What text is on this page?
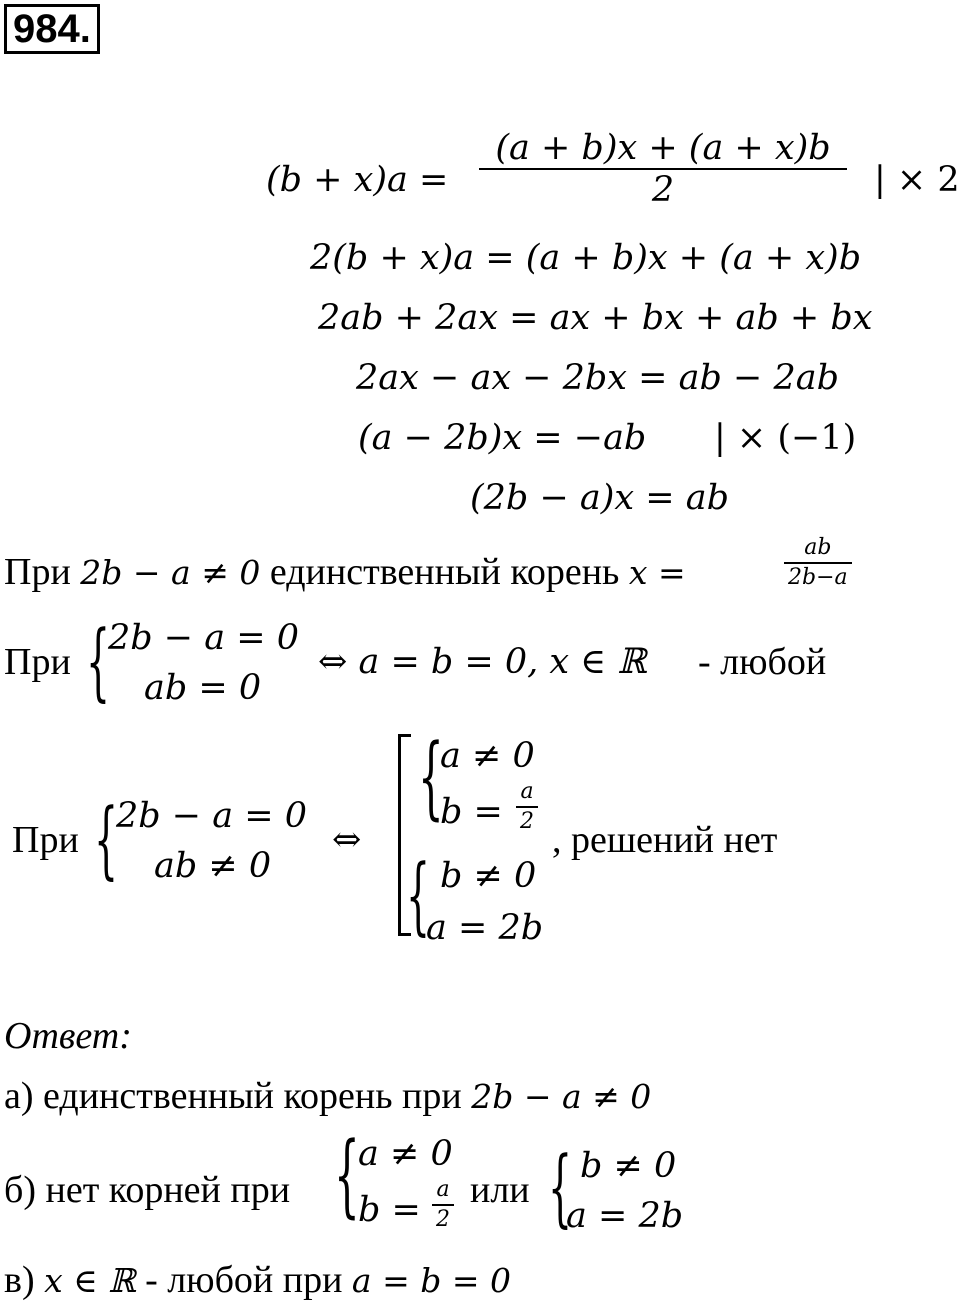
984.
$(b + x)a = \frac{(a + b)x + (a + x)b}{2}$ | × 2
2(b + x)a = (a + b)x + (a + x)b
2ab + 2ax = ax + bx + ab + bx
2ax − ax − 2bx = ab − 2ab
(a − 2b)x = −ab | × (−1)
(2b − a)x = ab
При 2b − a ≠ 0 единственный корень x =	$\frac{ab}{2b-a}$
При {
2b − a = 0
ab = 0
⇔ a = b = 0, x ∈ ℝ - любой
При {
2b − a = 0
ab ≠ 0
⇔
{
a ≠ 0
$b = \frac{a}{2}$
, решений нет
{ b ≠ 0
a = 2b
Ответ:
а) единственный корень при 2b − a ≠ 0
б) нет корней при {
a ≠ 0
$b = \frac{a}{2}$ или { b ≠ 0
a = 2b
в) x ∈ ℝ - любой при a = b = 0
